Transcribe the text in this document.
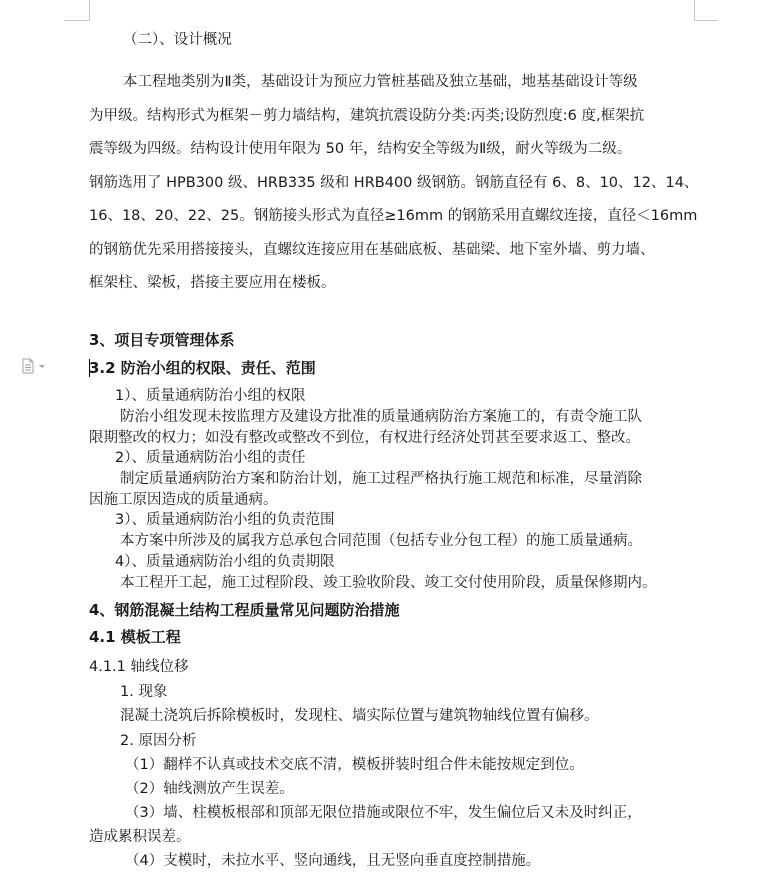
（二）、设计概况
本工程地类别为Ⅱ类，基础设计为预应力管桩基础及独立基础，地基基础设计等级
为甲级。结构形式为框架－剪力墙结构，建筑抗震设防分类:丙类;设防烈度:6 度,框架抗
震等级为四级。结构设计使用年限为 50 年，结构安全等级为Ⅱ级，耐火等级为二级。
钢筋选用了 HPB300 级、HRB335 级和 HRB400 级钢筋。钢筋直径有 6、8、10、12、14、
16、18、20、22、25。钢筋接头形式为直径≥16mm 的钢筋采用直螺纹连接，直径＜16mm
的钢筋优先采用搭接接头，直螺纹连接应用在基础底板、基础梁、地下室外墙、剪力墙、
框架柱、梁板，搭接主要应用在楼板。
3、项目专项管理体系
3.2 防治小组的权限、责任、范围
1）、质量通病防治小组的权限
防治小组发现未按监理方及建设方批准的质量通病防治方案施工的，有责令施工队
限期整改的权力；如没有整改或整改不到位，有权进行经济处罚甚至要求返工、整改。
2）、质量通病防治小组的责任
制定质量通病防治方案和防治计划，施工过程严格执行施工规范和标准，尽量消除
因施工原因造成的质量通病。
3）、质量通病防治小组的负责范围
本方案中所涉及的属我方总承包合同范围（包括专业分包工程）的施工质量通病。
4）、质量通病防治小组的负责期限
本工程开工起，施工过程阶段、竣工验收阶段、竣工交付使用阶段，质量保修期内。
4、钢筋混凝土结构工程质量常见问题防治措施
4.1 模板工程
4.1.1 轴线位移
1. 现象
混凝土浇筑后拆除模板时，发现柱、墙实际位置与建筑物轴线位置有偏移。
2. 原因分析
（1）翻样不认真或技术交底不清，模板拼装时组合件未能按规定到位。
（2）轴线测放产生误差。
（3）墙、柱模板根部和顶部无限位措施或限位不牢，发生偏位后又未及时纠正，
造成累积误差。
（4）支模时，未拉水平、竖向通线，且无竖向垂直度控制措施。
